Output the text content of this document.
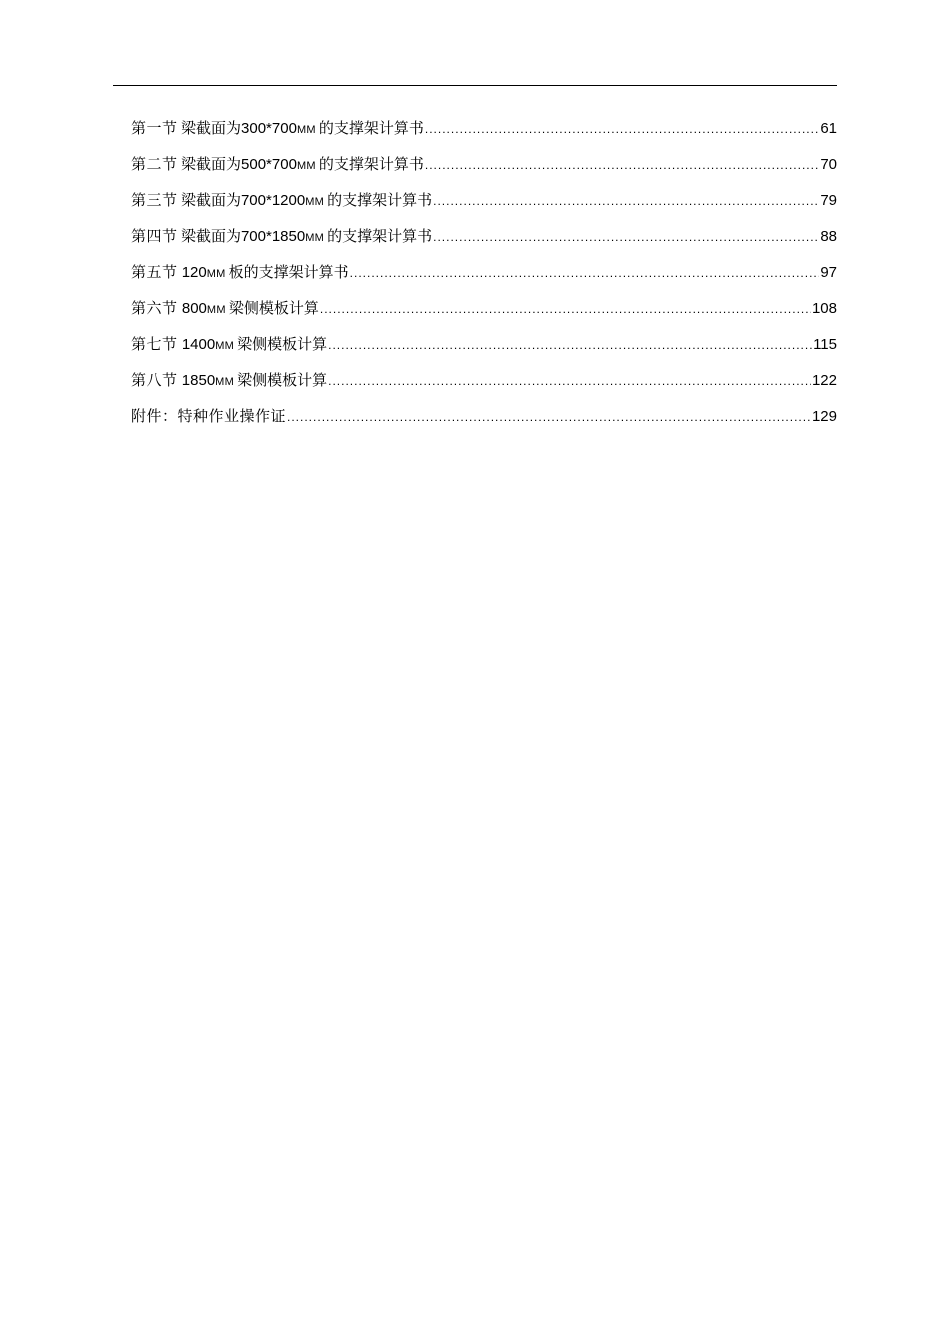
第一节 梁截面为300*700MM  的支撑架计算书 .....	61
第二节 梁截面为500*700MM  的支撑架计算书 .....	70
第三节 梁截面为700*1200MM  的支撑架计算书 .....	79
第四节 梁截面为700*1850MM  的支撑架计算书 .....	88
第五节 120MM  板的支撑架计算书 .....	97
第六节 800MM  梁侧模板计算 .....	108
第七节 1400MM  梁侧模板计算 .....	115
第八节 1850MM  梁侧模板计算 .....	122
附件：特种作业操作证 .....	129
